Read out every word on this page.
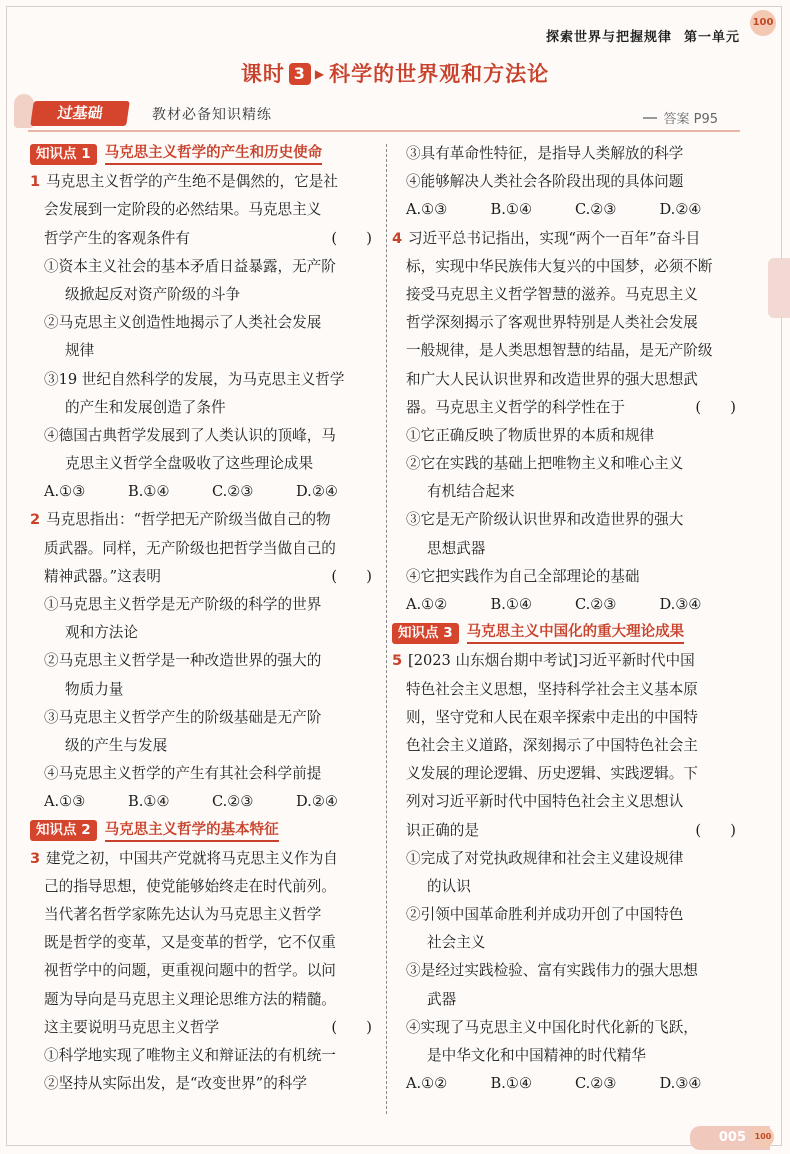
探索世界与把握规律 第一单元
100
课时 3 ▶ 科学的世界观和方法论
过基础	教材必备知识精练	答案 P95
知识点 1 马克思主义哲学的产生和历史使命
1 马克思主义哲学的产生绝不是偶然的，它是社
会发展到一定阶段的必然结果。马克思主义
哲学产生的客观条件有	(　　)
①资本主义社会的基本矛盾日益暴露，无产阶
级掀起反对资产阶级的斗争
②马克思主义创造性地揭示了人类社会发展
规律
③19 世纪自然科学的发展，为马克思主义哲学
的产生和发展创造了条件
④德国古典哲学发展到了人类认识的顶峰，马
克思主义哲学全盘吸收了这些理论成果
A.①③	B.①④	C.②③	D.②④
2 马克思指出：“哲学把无产阶级当做自己的物
质武器。同样，无产阶级也把哲学当做自己的
精神武器。”这表明	(　　)
①马克思主义哲学是无产阶级的科学的世界
观和方法论
②马克思主义哲学是一种改造世界的强大的
物质力量
③马克思主义哲学产生的阶级基础是无产阶
级的产生与发展
④马克思主义哲学的产生有其社会科学前提
A.①③	B.①④	C.②③	D.②④
知识点 2 马克思主义哲学的基本特征
3 建党之初，中国共产党就将马克思主义作为自
己的指导思想，使党能够始终走在时代前列。
当代著名哲学家陈先达认为马克思主义哲学
既是哲学的变革，又是变革的哲学，它不仅重
视哲学中的问题，更重视问题中的哲学。以问
题为导向是马克思主义理论思维方法的精髓。
这主要说明马克思主义哲学	(　　)
①科学地实现了唯物主义和辩证法的有机统一
②坚持从实际出发，是“改变世界”的科学
③具有革命性特征，是指导人类解放的科学
④能够解决人类社会各阶段出现的具体问题
A.①③	B.①④	C.②③	D.②④
4 习近平总书记指出，实现“两个一百年”奋斗目
标，实现中华民族伟大复兴的中国梦，必须不断
接受马克思主义哲学智慧的滋养。马克思主义
哲学深刻揭示了客观世界特别是人类社会发展
一般规律，是人类思想智慧的结晶，是无产阶级
和广大人民认识世界和改造世界的强大思想武
器。马克思主义哲学的科学性在于	(　　)
①它正确反映了物质世界的本质和规律
②它在实践的基础上把唯物主义和唯心主义
有机结合起来
③它是无产阶级认识世界和改造世界的强大
思想武器
④它把实践作为自己全部理论的基础
A.①②	B.①④	C.②③	D.③④
知识点 3 马克思主义中国化的重大理论成果
5 [2023 山东烟台期中考试]习近平新时代中国
特色社会主义思想，坚持科学社会主义基本原
则，坚守党和人民在艰辛探索中走出的中国特
色社会主义道路，深刻揭示了中国特色社会主
义发展的理论逻辑、历史逻辑、实践逻辑。下
列对习近平新时代中国特色社会主义思想认
识正确的是	(　　)
①完成了对党执政规律和社会主义建设规律
的认识
②引领中国革命胜利并成功开创了中国特色
社会主义
③是经过实践检验、富有实践伟力的强大思想
武器
④实现了马克思主义中国化时代化新的飞跃，
是中华文化和中国精神的时代精华
A.①②	B.①④	C.②③	D.③④
005	100
